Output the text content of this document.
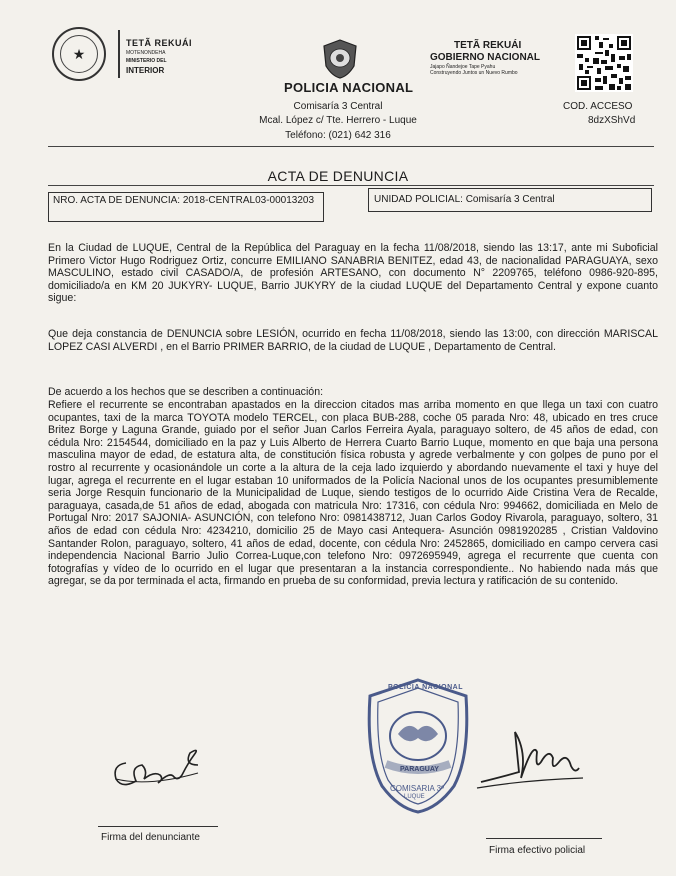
★
TETÃ REKUÁI
MOTENONDEHA
MINISTERIO DEL
INTERIOR
POLICIA NACIONAL
TETÃ REKUÁI
GOBIERNO NACIONAL
Jajapo Ñandejoe Tape Pyahu
Construyendo Juntos un Nuevo Rumbo
Comisaría 3 Central
Mcal. López c/ Tte. Herrero - Luque
Teléfono: (021) 642 316
COD. ACCESO
8dzXShVd
ACTA DE DENUNCIA
NRO. ACTA DE DENUNCIA: 2018-CENTRAL03-00013203	UNIDAD POLICIAL: Comisaría 3 Central
En la Ciudad de LUQUE, Central de la República del Paraguay en la fecha 11/08/2018, siendo las 13:17, ante mi Suboficial Primero Victor Hugo Rodriguez Ortiz, concurre EMILIANO SANABRIA BENITEZ, edad 43, de nacionalidad PARAGUAYA, sexo MASCULINO, estado civil CASADO/A, de profesión ARTESANO, con documento N° 2209765, teléfono 0986-920-895, domiciliado/a en KM 20 JUKYRY- LUQUE, Barrio JUKYRY de la ciudad LUQUE del Departamento Central y expone cuanto sigue:
Que deja constancia de DENUNCIA sobre LESIÓN, ocurrido en fecha 11/08/2018, siendo las 13:00, con dirección MARISCAL LOPEZ CASI ALVERDI , en el Barrio PRIMER BARRIO, de la ciudad de LUQUE , Departamento de Central.
De acuerdo a los hechos que se describen a continuación:
Refiere el recurrente se encontraban apastados en la direccion citados mas arriba momento en que llega un taxi con cuatro ocupantes, taxi de la marca TOYOTA modelo TERCEL, con placa BUB-288, coche 05 parada Nro: 48, ubicado en tres cruce Britez Borge y Laguna Grande, guiado por el señor Juan Carlos Ferreira Ayala, paraguayo soltero, de 45 años de edad, con cédula Nro: 2154544, domiciliado en la paz y Luis Alberto de Herrera Cuarto Barrio Luque, momento en que baja una persona masculina mayor de edad, de estatura alta, de constitución física robusta y agrede verbalmente y con golpes de puno por el rostro al recurrente y ocasionándole un corte a la altura de la ceja lado izquierdo y abordando nuevamente el taxi y huye del lugar, agrega el recurrente en el lugar estaban 10 uniformados de la Policía Nacional unos de los ocupantes presumiblemente seria Jorge Resquin funcionario de la Municipalidad de Luque, siendo testigos de lo ocurrido Aide Cristina Vera de Recalde, paraguaya, casada,de 51 años de edad, abogada con matricula Nro: 17316, con cédula Nro: 994662, domiciliada en Melo de Portugal Nro: 2017 SAJONIA- ASUNCIÓN, con telefono Nro: 0981438712, Juan Carlos Godoy Rivarola, paraguayo, soltero, 31 años de edad con cédula Nro: 4234210, domicilio 25 de Mayo casi Antequera- Asunción 0981920285 , Cristian Valdovino Santander Rolon, paraguayo, soltero, 41 años de edad, docente, con cédula Nro: 2452865, domiciliado en campo cervera casi independencia Nacional Barrio Julio Correa-Luque,con telefono Nro: 0972695949, agrega el recurrente que cuenta con fotografías y vídeo de lo ocurrido en el lugar que presentaran a la instancia correspondiente.. No habiendo nada más que agregar, se da por terminada el acta, firmando en prueba de su conformidad, previa lectura y ratificación de su contenido.
POLICIA NACIONAL
PARAGUAY
COMISARIA 3º
LUQUE
Firma del denunciante
Firma efectivo policial
